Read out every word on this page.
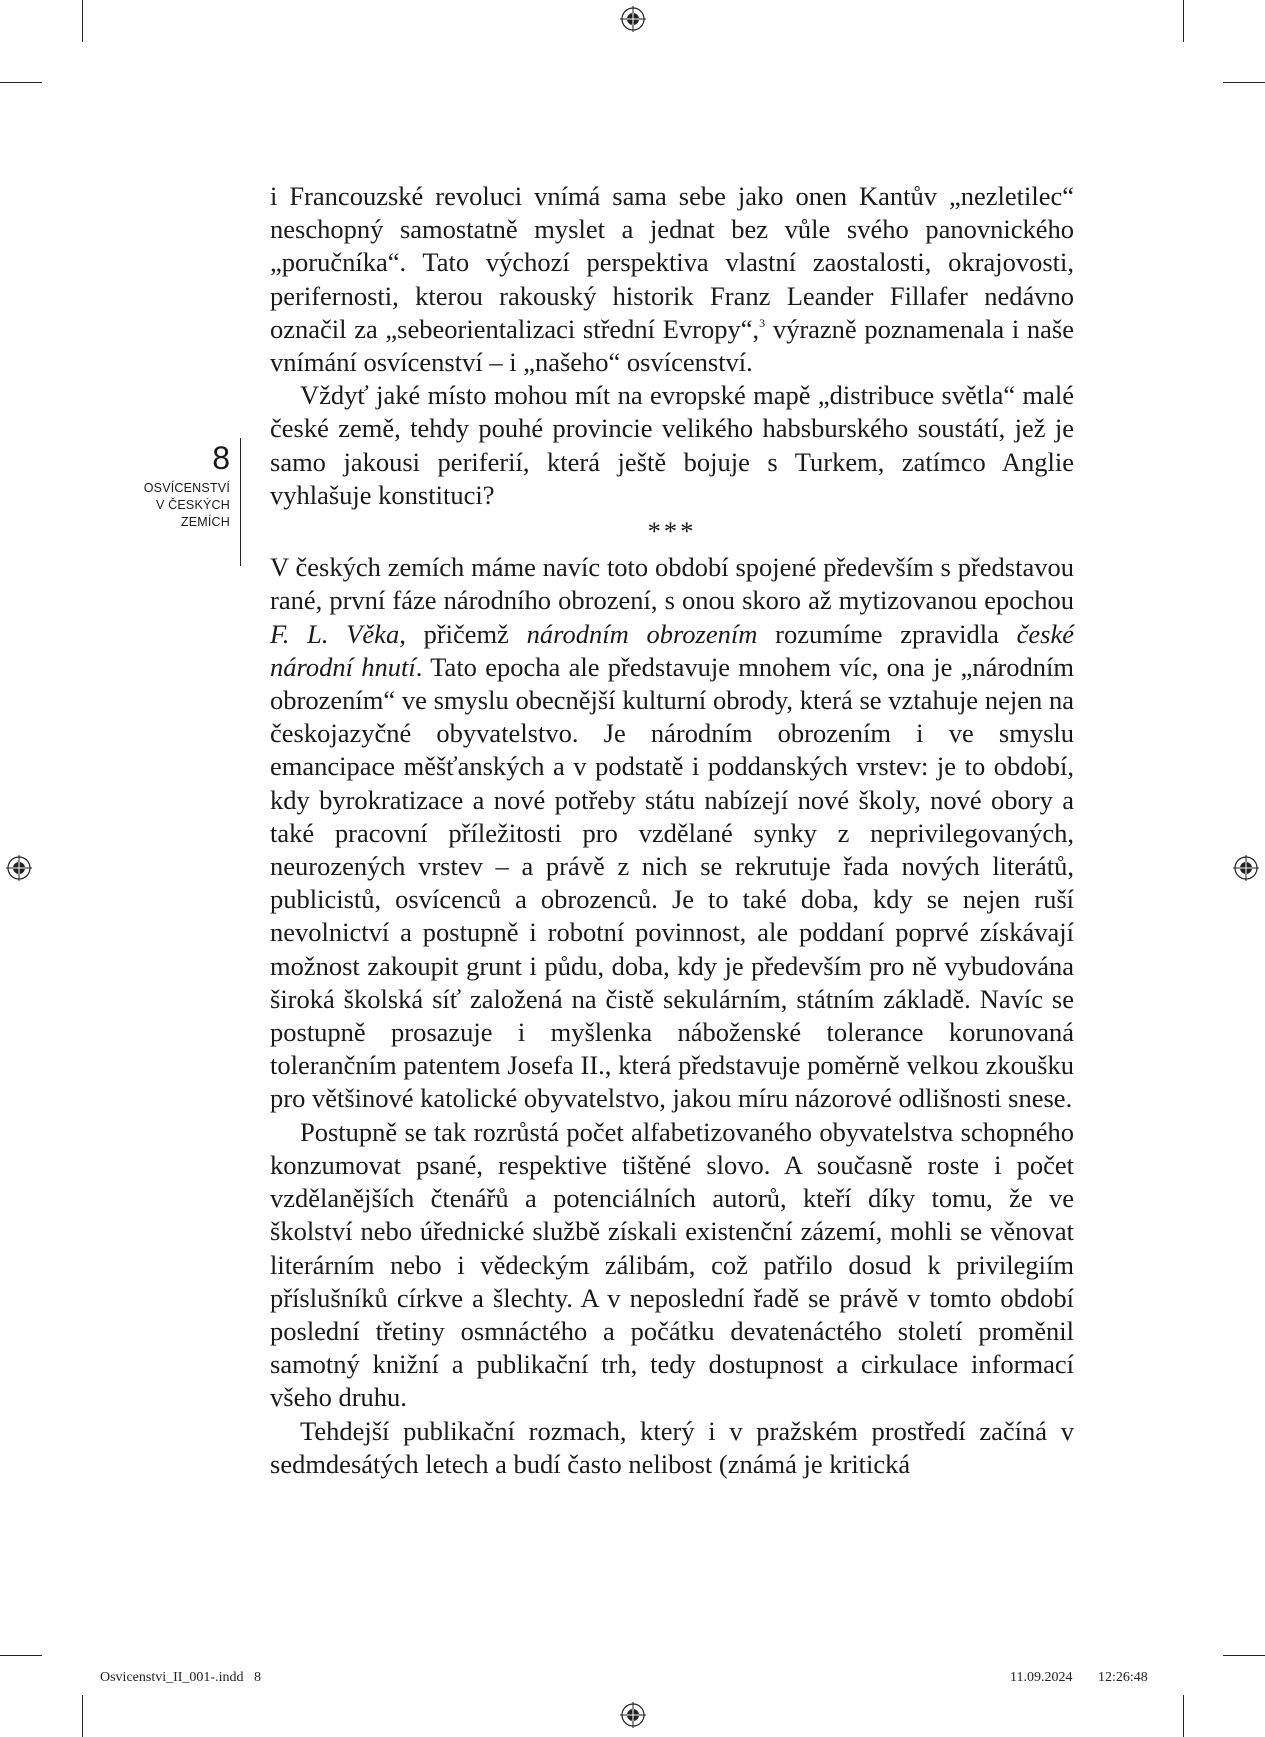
8
OSVÍCENSTVÍ
V ČESKÝCH
ZEMÍCH

i Francouzské revoluci vnímá sama sebe jako onen Kantův „nezletilec“ neschopný samostatně myslet a jednat bez vůle svého panovnického „poručníka“. Tato výchozí perspektiva vlastní zaostalosti, okrajovosti, perifernosti, kterou rakouský historik Franz Leander Fillafer nedávno označil za „sebeorientalizaci střední Evropy“,$^3$ výrazně poznamenala i naše vnímání osvícenství – i „našeho“ osvícenství.

Vždyť jaké místo mohou mít na evropské mapě „distribuce světla“ malé české země, tehdy pouhé provincie velikého habsburského soustátí, jež je samo jakousi periferií, která ještě bojuje s Turkem, zatímco Anglie vyhlašuje konstituci?

***

V českých zemích máme navíc toto období spojené především s představou rané, první fáze národního obrození, s onou skoro až mytizovanou epochou F. L. Věka, přičemž národním obrozením rozumíme zpravidla české národní hnutí. Tato epocha ale představuje mnohem víc, ona je „národním obrozením“ ve smyslu obecnější kulturní obrody, která se vztahuje nejen na českojazyčné obyvatelstvo. Je národním obrozením i ve smyslu emancipace měšťanských a v podstatě i poddanských vrstev: je to období, kdy byrokratizace a nové potřeby státu nabízejí nové školy, nové obory a také pracovní příležitosti pro vzdělané synky z neprivilegovaných, neurozených vrstev – a právě z nich se rekrutuje řada nových literátů, publicistů, osvícenců a obrozenců. Je to také doba, kdy se nejen ruší nevolnictví a postupně i robotní povinnost, ale poddaní poprvé získávají možnost zakoupit grunt i půdu, doba, kdy je především pro ně vybudována široká školská síť založená na čistě sekulárním, státním základě. Navíc se postupně prosazuje i myšlenka náboženské tolerance korunovaná tolerančním patentem Josefa II., která představuje poměrně velkou zkoušku pro většinové katolické obyvatelstvo, jakou míru názorové odlišnosti snese.

Postupně se tak rozrůstá počet alfabetizovaného obyvatelstva schopného konzumovat psané, respektive tištěné slovo. A současně roste i počet vzdělanějších čtenářů a potenciálních autorů, kteří díky tomu, že ve školství nebo úřednické službě získali existenční zázemí, mohli se věnovat literárním nebo i vědeckým zálibám, což patřilo dosud k privilegiím příslušníků církve a šlechty. A v neposlední řadě se právě v tomto období poslední třetiny osmnáctého a počátku devatenáctého století proměnil samotný knižní a publikační trh, tedy dostupnost a cirkulace informací všeho druhu.

Tehdejší publikační rozmach, který i v pražském prostředí začíná v sedmdesátých letech a budí často nelibost (známá je kritická

Osvicenstvi_II_001-.indd   8	11.09.2024 12:26:48
